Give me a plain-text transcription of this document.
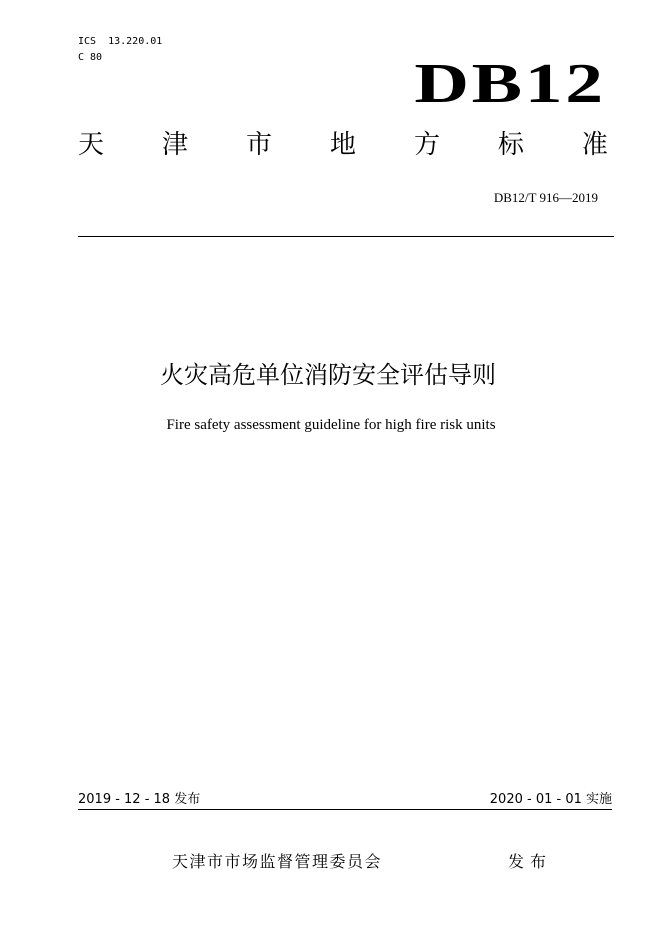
ICS  13.220.01
C 80	DB12
天 津 市 地 方 标 准
DB12/T 916—2019
火灾高危单位消防安全评估导则
Fire safety assessment guideline for high fire risk units
2019 - 12 - 18 发布	2020 - 01 - 01 实施
天津市市场监督管理委员会	发布
